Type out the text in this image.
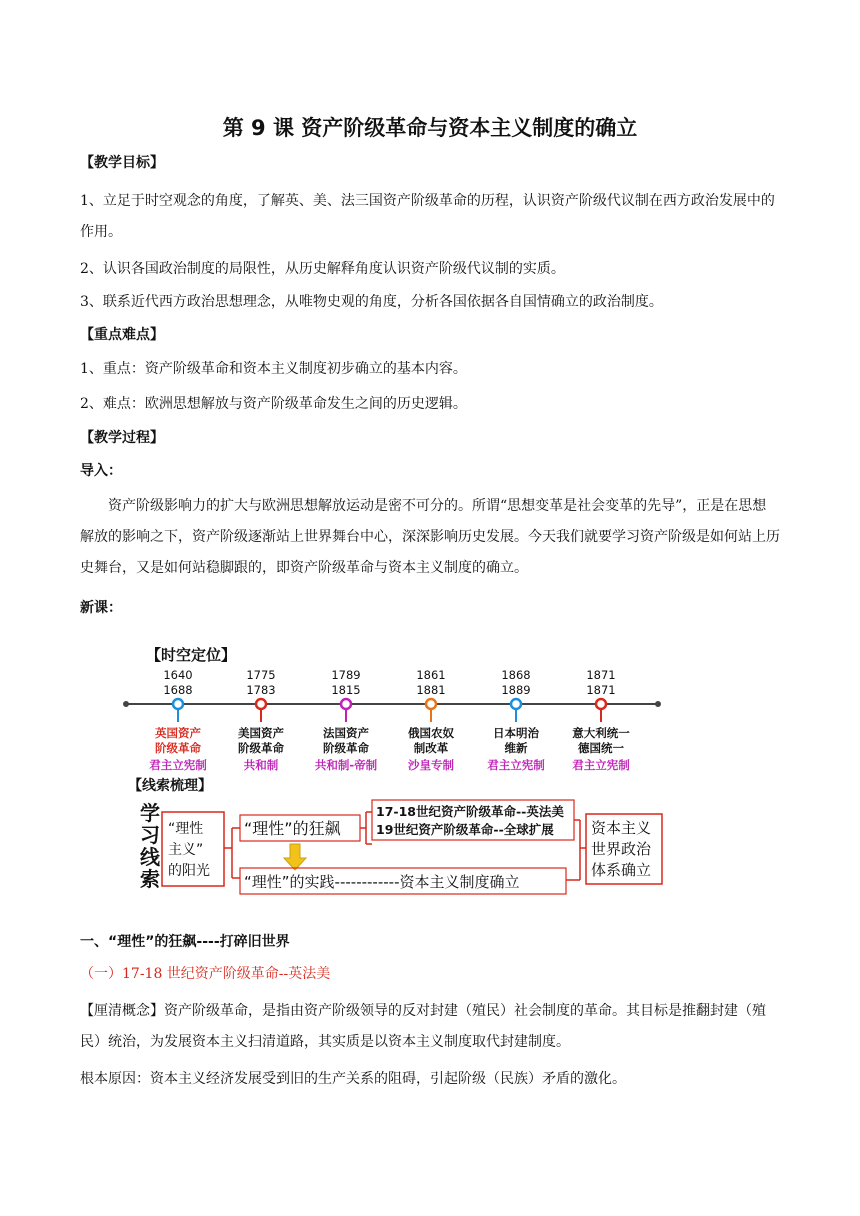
第 9 课 资产阶级革命与资本主义制度的确立
【教学目标】
1、立足于时空观念的角度，了解英、美、法三国资产阶级革命的历程，认识资产阶级代议制在西方政治发展中的作用。
2、认识各国政治制度的局限性，从历史解释角度认识资产阶级代议制的实质。
3、联系近代西方政治思想理念，从唯物史观的角度，分析各国依据各自国情确立的政治制度。
【重点难点】
1、重点：资产阶级革命和资本主义制度初步确立的基本内容。
2、难点：欧洲思想解放与资产阶级革命发生之间的历史逻辑。
【教学过程】
导入：
资产阶级影响力的扩大与欧洲思想解放运动是密不可分的。所谓“思想变革是社会变革的先导”，正是在思想解放的影响之下，资产阶级逐渐站上世界舞台中心，深深影响历史发展。今天我们就要学习资产阶级是如何站上历史舞台，又是如何站稳脚跟的，即资产阶级革命与资本主义制度的确立。
新课：
一、“理性”的狂飙----打碎旧世界
（一）17-18 世纪资产阶级革命--英法美
【厘清概念】资产阶级革命，是指由资产阶级领导的反对封建（殖民）社会制度的革命。其目标是推翻封建（殖民）统治，为发展资本主义扫清道路，其实质是以资本主义制度取代封建制度。
根本原因：资本主义经济发展受到旧的生产关系的阻碍，引起阶级（民族）矛盾的激化。
【时空定位】
1640
1688
英国资产
阶级革命
君主立宪制
1775
1783
美国资产
阶级革命
共和制
1789
1815
法国资产
阶级革命
共和制-帝制
1861
1881
俄国农奴
制改革
沙皇专制
1868
1889
日本明治
维新
君主立宪制
1871
1871
意大利统一
德国统一
君主立宪制
【线索梳理】
学
习
线
索
“理性
主义”
的阳光
“理性”的狂飙
“理性”的实践------------资本主义制度确立
17-18世纪资产阶级革命--英法美
19世纪资产阶级革命--全球扩展 资本主义
世界政治
体系确立
